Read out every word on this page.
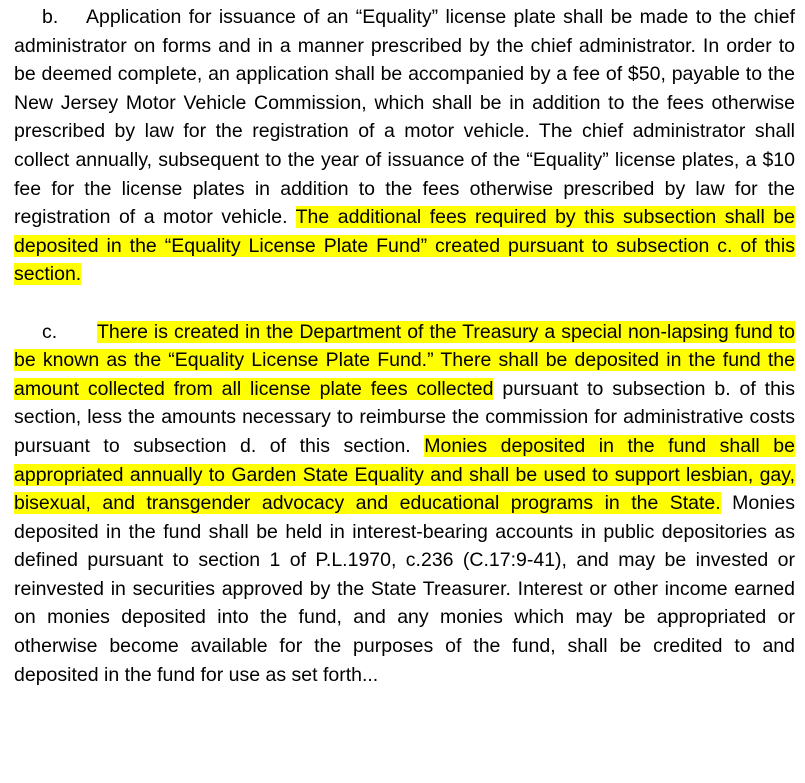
b. Application for issuance of an “Equality” license plate shall be made to the chief administrator on forms and in a manner prescribed by the chief administrator. In order to be deemed complete, an application shall be accompanied by a fee of $50, payable to the New Jersey Motor Vehicle Commission, which shall be in addition to the fees otherwise prescribed by law for the registration of a motor vehicle. The chief administrator shall collect annually, subsequent to the year of issuance of the “Equality” license plates, a $10 fee for the license plates in addition to the fees otherwise prescribed by law for the registration of a motor vehicle. The additional fees required by this subsection shall be deposited in the “Equality License Plate Fund” created pursuant to subsection c. of this section.

c. There is created in the Department of the Treasury a special non-lapsing fund to be known as the “Equality License Plate Fund.” There shall be deposited in the fund the amount collected from all license plate fees collected pursuant to subsection b. of this section, less the amounts necessary to reimburse the commission for administrative costs pursuant to subsection d. of this section. Monies deposited in the fund shall be appropriated annually to Garden State Equality and shall be used to support lesbian, gay, bisexual, and transgender advocacy and educational programs in the State. Monies deposited in the fund shall be held in interest-bearing accounts in public depositories as defined pursuant to section 1 of P.L.1970, c.236 (C.17:9-41), and may be invested or reinvested in securities approved by the State Treasurer. Interest or other income earned on monies deposited into the fund, and any monies which may be appropriated or otherwise become available for the purposes of the fund, shall be credited to and deposited in the fund for use as set forth...
